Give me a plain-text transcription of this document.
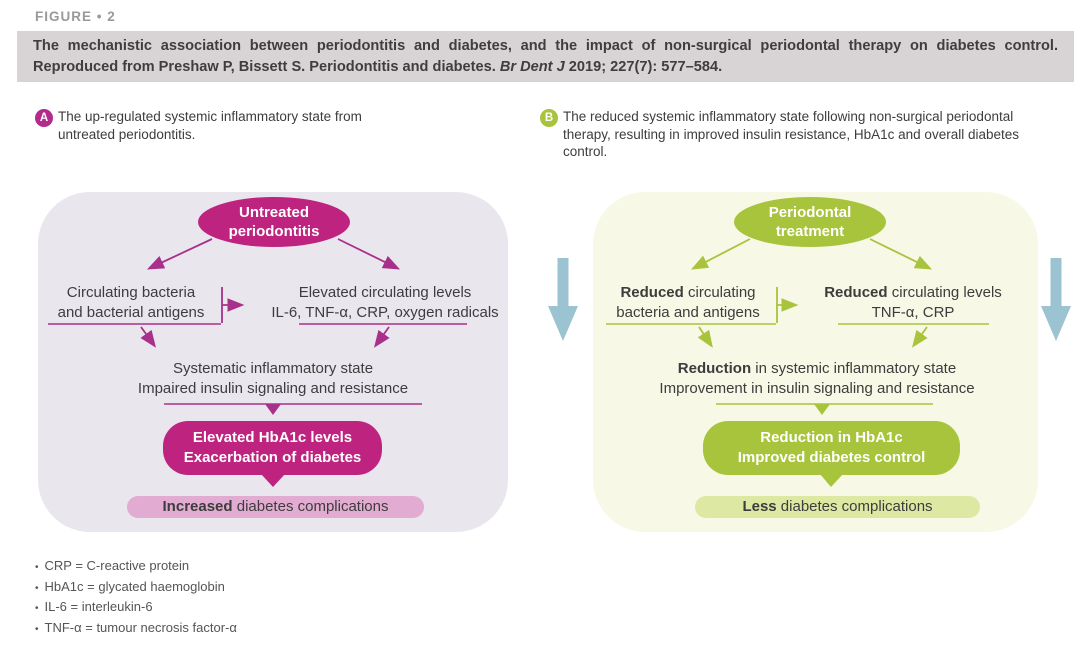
FIGURE • 2
The mechanistic association between periodontitis and diabetes, and the impact of non-surgical periodontal therapy on diabetes control. Reproduced from Preshaw P, Bissett S. Periodontitis and diabetes. Br Dent J 2019; 227(7): 577–584.
A The up-regulated systemic inflammatory state from
untreated periodontitis.
B The reduced systemic inflammatory state following non-surgical periodontal
therapy, resulting in improved insulin resistance, HbA1c and overall diabetes
control.
Untreated
periodontitis
Circulating bacteria
and bacterial antigens
Elevated circulating levels
IL-6, TNF-α, CRP, oxygen radicals
Systematic inflammatory state
Impaired insulin signaling and resistance
Elevated HbA1c levels
Exacerbation of diabetes
Increased diabetes complications
Periodontal
treatment
Reduced circulating
bacteria and antigens
Reduced circulating levels
TNF-α, CRP
Reduction in systemic inflammatory state
Improvement in insulin signaling and resistance
Reduction in HbA1c
Improved diabetes control
Less diabetes complications
• CRP = C-reactive protein
• HbA1c = glycated haemoglobin
• IL-6 = interleukin-6
• TNF-α = tumour necrosis factor-α
